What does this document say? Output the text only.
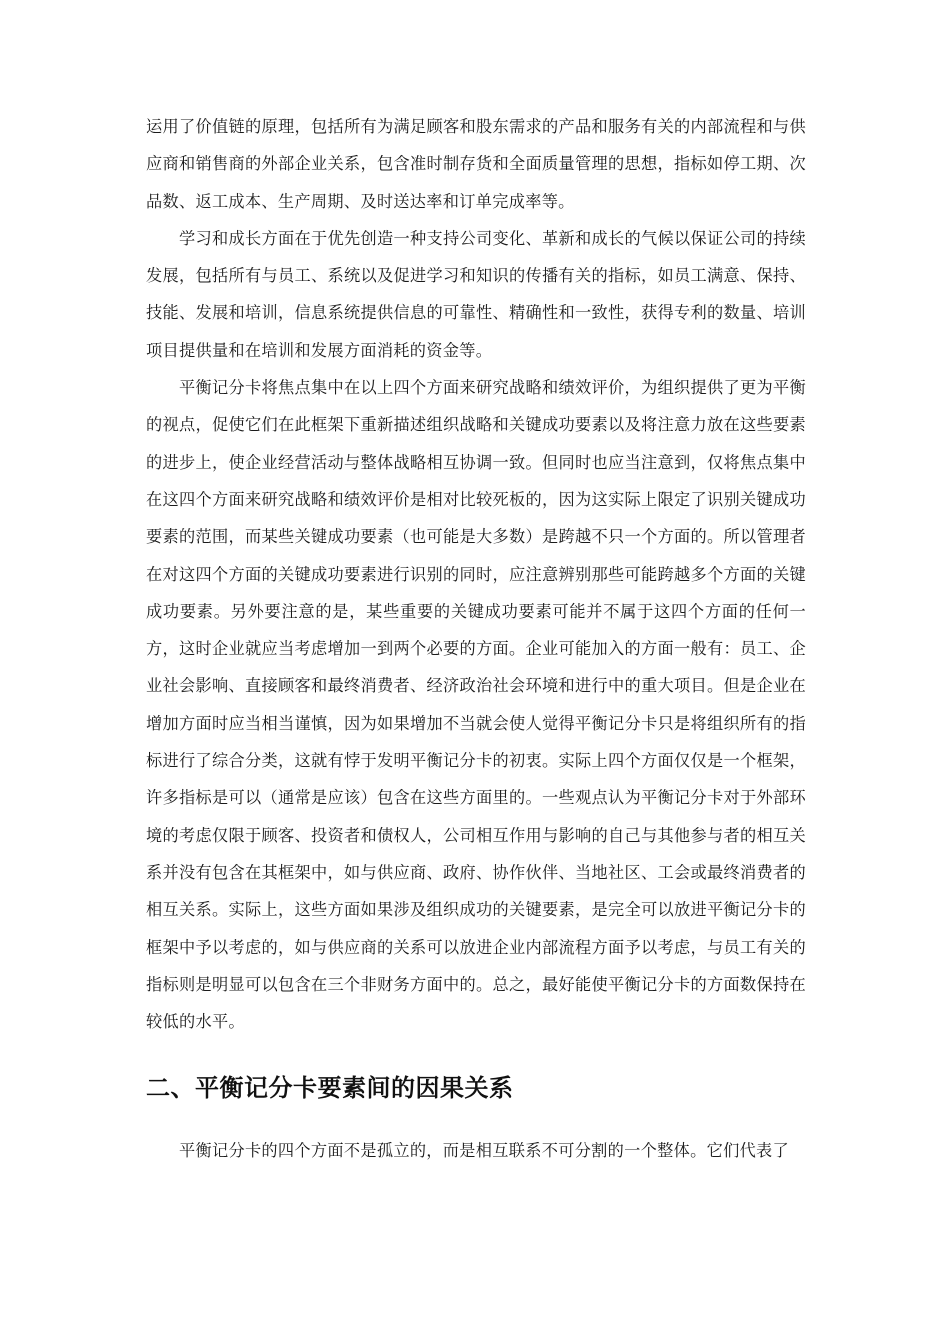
运用了价值链的原理，包括所有为满足顾客和股东需求的产品和服务有关的内部流程和与供应商和销售商的外部企业关系，包含准时制存货和全面质量管理的思想，指标如停工期、次品数、返工成本、生产周期、及时送达率和订单完成率等。

学习和成长方面在于优先创造一种支持公司变化、革新和成长的气候以保证公司的持续发展，包括所有与员工、系统以及促进学习和知识的传播有关的指标，如员工满意、保持、技能、发展和培训，信息系统提供信息的可靠性、精确性和一致性，获得专利的数量、培训项目提供量和在培训和发展方面消耗的资金等。

平衡记分卡将焦点集中在以上四个方面来研究战略和绩效评价，为组织提供了更为平衡的视点，促使它们在此框架下重新描述组织战略和关键成功要素以及将注意力放在这些要素的进步上，使企业经营活动与整体战略相互协调一致。但同时也应当注意到，仅将焦点集中在这四个方面来研究战略和绩效评价是相对比较死板的，因为这实际上限定了识别关键成功要素的范围，而某些关键成功要素（也可能是大多数）是跨越不只一个方面的。所以管理者在对这四个方面的关键成功要素进行识别的同时，应注意辨别那些可能跨越多个方面的关键成功要素。另外要注意的是，某些重要的关键成功要素可能并不属于这四个方面的任何一方，这时企业就应当考虑增加一到两个必要的方面。企业可能加入的方面一般有：员工、企业社会影响、直接顾客和最终消费者、经济政治社会环境和进行中的重大项目。但是企业在增加方面时应当相当谨慎，因为如果增加不当就会使人觉得平衡记分卡只是将组织所有的指标进行了综合分类，这就有悖于发明平衡记分卡的初衷。实际上四个方面仅仅是一个框架，许多指标是可以（通常是应该）包含在这些方面里的。一些观点认为平衡记分卡对于外部环境的考虑仅限于顾客、投资者和债权人，公司相互作用与影响的自己与其他参与者的相互关系并没有包含在其框架中，如与供应商、政府、协作伙伴、当地社区、工会或最终消费者的相互关系。实际上，这些方面如果涉及组织成功的关键要素，是完全可以放进平衡记分卡的框架中予以考虑的，如与供应商的关系可以放进企业内部流程方面予以考虑，与员工有关的指标则是明显可以包含在三个非财务方面中的。总之，最好能使平衡记分卡的方面数保持在较低的水平。

二、平衡记分卡要素间的因果关系

平衡记分卡的四个方面不是孤立的，而是相互联系不可分割的一个整体。它们代表了
